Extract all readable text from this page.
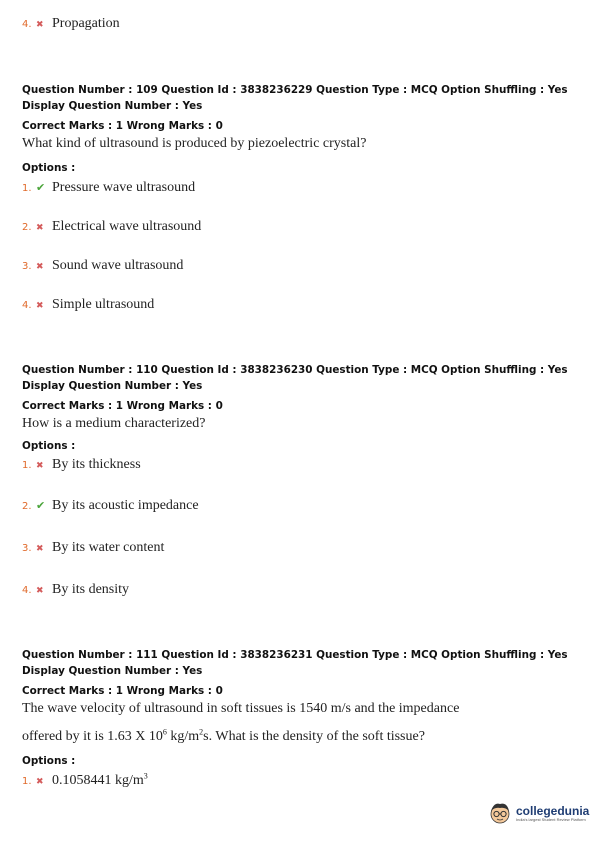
4. ✖ Propagation
Question Number : 109 Question Id : 3838236229 Question Type : MCQ Option Shuffling : Yes
Display Question Number : Yes
Correct Marks : 1 Wrong Marks : 0
What kind of ultrasound is produced by piezoelectric crystal?
Options :
1. ✔ Pressure wave ultrasound
2. ✖ Electrical wave ultrasound
3. ✖ Sound wave ultrasound
4. ✖ Simple ultrasound
Question Number : 110 Question Id : 3838236230 Question Type : MCQ Option Shuffling : Yes
Display Question Number : Yes
Correct Marks : 1 Wrong Marks : 0
How is a medium characterized?
Options :
1. ✖ By its thickness
2. ✔ By its acoustic impedance
3. ✖ By its water content
4. ✖ By its density
Question Number : 111 Question Id : 3838236231 Question Type : MCQ Option Shuffling : Yes
Display Question Number : Yes
Correct Marks : 1 Wrong Marks : 0
The wave velocity of ultrasound in soft tissues is 1540 m/s and the impedance
offered by it is 1.63 X $10^6$ $kg/m^2s$. What is the density of the soft tissue?
Options :
1. ✖ 0.1058441 $kg/m^3$
collegedunia
India's largest Student Review Platform
